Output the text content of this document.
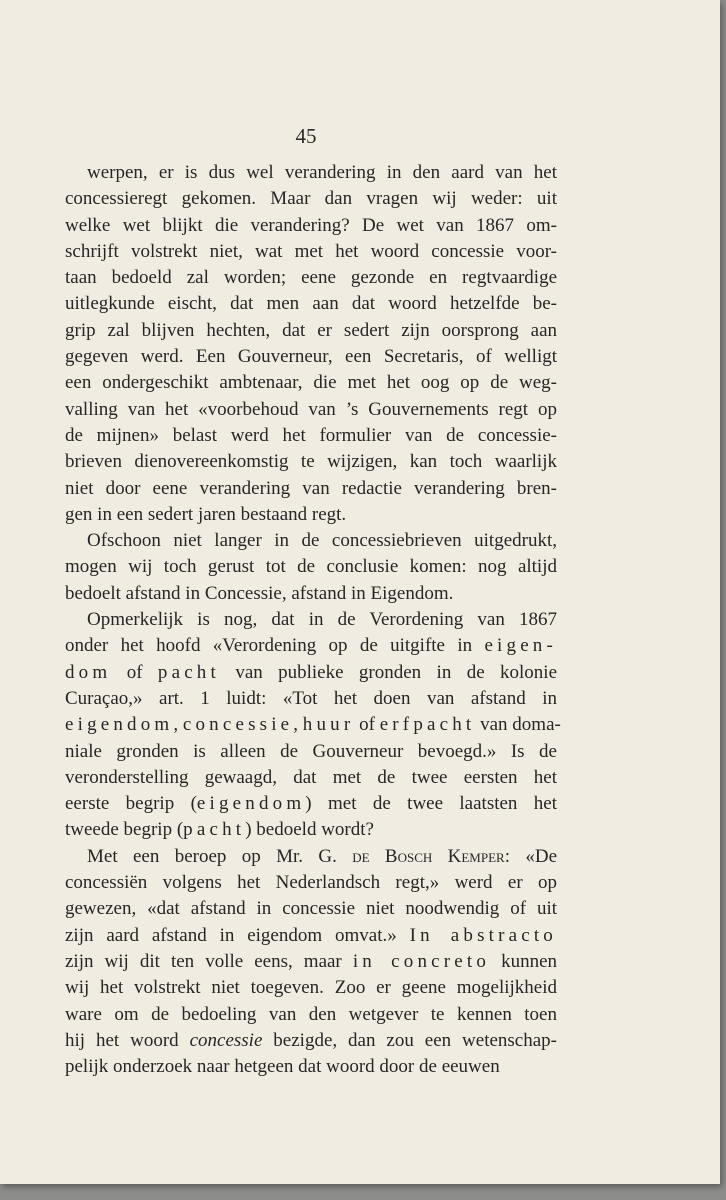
45

werpen, er is dus wel verandering in den aard van het
concessieregt gekomen. Maar dan vragen wij weder: uit
welke wet blijkt die verandering? De wet van 1867 om-
schrijft volstrekt niet, wat met het woord concessie voor-
taan bedoeld zal worden; eene gezonde en regtvaardige
uitlegkunde eischt, dat men aan dat woord hetzelfde be-
grip zal blijven hechten, dat er sedert zijn oorsprong aan
gegeven werd. Een Gouverneur, een Secretaris, of welligt
een ondergeschikt ambtenaar, die met het oog op de weg-
valling van het «voorbehoud van ’s Gouvernements regt op
de mijnen» belast werd het formulier van de concessie-
brieven dienovereenkomstig te wijzigen, kan toch waarlijk
niet door eene verandering van redactie verandering bren-
gen in een sedert jaren bestaand regt.

Ofschoon niet langer in de concessiebrieven uitgedrukt,
mogen wij toch gerust tot de conclusie komen: nog altijd
bedoelt afstand in Concessie, afstand in Eigendom.

Opmerkelijk is nog, dat in de Verordening van 1867
onder het hoofd «Verordening op de uitgifte in eigen-
dom of pacht van publieke gronden in de kolonie
Curaçao,» art. 1 luidt: «Tot het doen van afstand in
eigendom, concessie, huur of erfpacht van doma-
niale gronden is alleen de Gouverneur bevoegd.» Is de
veronderstelling gewaagd, dat met de twee eersten het
eerste begrip (eigendom) met de twee laatsten het
tweede begrip (pacht) bedoeld wordt?

Met een beroep op Mr. G. de Bosch Kemper: «De
concessiën volgens het Nederlandsch regt,» werd er op
gewezen, «dat afstand in concessie niet noodwendig of uit
zijn aard afstand in eigendom omvat.» In abstracto
zijn wij dit ten volle eens, maar in concreto kunnen
wij het volstrekt niet toegeven. Zoo er geene mogelijkheid
ware om de bedoeling van den wetgever te kennen toen
hij het woord concessie bezigde, dan zou een wetenschap-
pelijk onderzoek naar hetgeen dat woord door de eeuwen
